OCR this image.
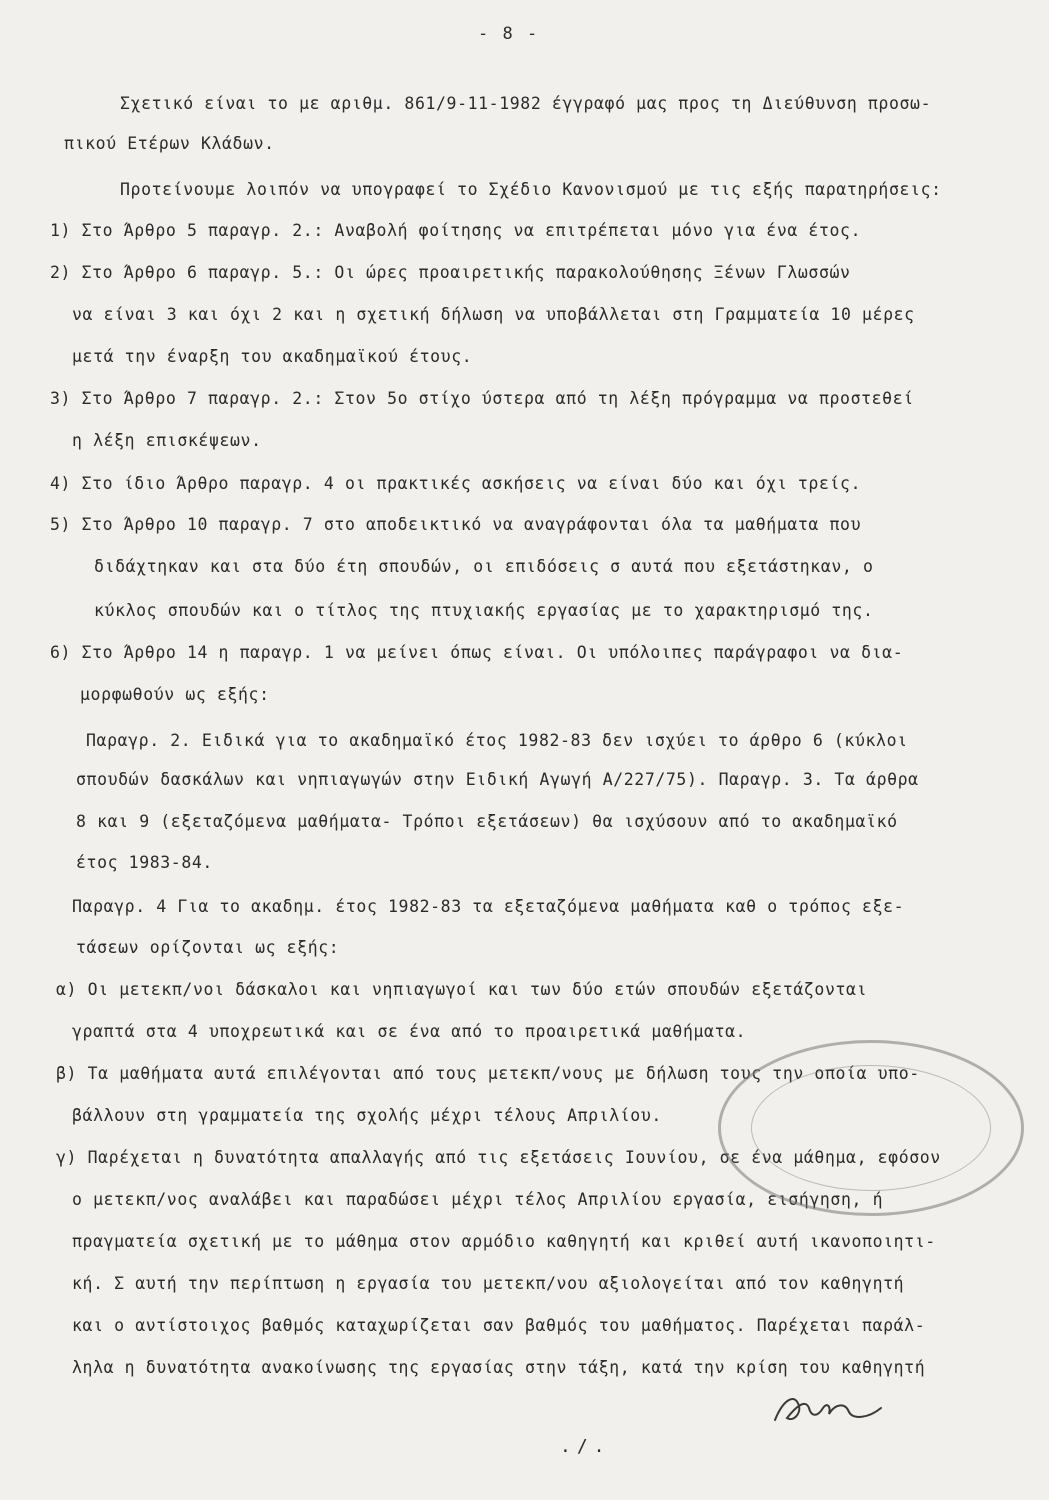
- 8 -
Σχετικό είναι το με αριθμ. 861/9-11-1982 έγγραφό μας προς τη Διεύθυνση προσω-
πικού Ετέρων Κλάδων.
Προτείνουμε λοιπόν να υπογραφεί το Σχέδιο Κανονισμού με τις εξής παρατηρήσεις:
1) Στο Άρθρο 5 παραγρ. 2.: Αναβολή φοίτησης να επιτρέπεται μόνο για ένα έτος.
2) Στο Άρθρο 6 παραγρ. 5.: Οι ώρες προαιρετικής παρακολούθησης Ξένων Γλωσσών
να είναι 3 και όχι 2 και η σχετική δήλωση να υποβάλλεται στη Γραμματεία 10 μέρες
μετά την έναρξη του ακαδημαϊκού έτους.
3) Στο Άρθρο 7 παραγρ. 2.: Στον 5ο στίχο ύστερα από τη λέξη πρόγραμμα να προστεθεί
η λέξη επισκέψεων.
4) Στο ίδιο Άρθρο παραγρ. 4 οι πρακτικές ασκήσεις να είναι δύο και όχι τρείς.
5) Στο Άρθρο 10 παραγρ. 7 στο αποδεικτικό να αναγράφονται όλα τα μαθήματα που
διδάχτηκαν και στα δύο έτη σπουδών, οι επιδόσεις σ αυτά που εξετάστηκαν, ο
κύκλος σπουδών και ο τίτλος της πτυχιακής εργασίας με το χαρακτηρισμό της.
6) Στο Άρθρο 14 η παραγρ. 1 να μείνει όπως είναι. Οι υπόλοιπες παράγραφοι να δια-
μορφωθούν ως εξής:
Παραγρ. 2. Ειδικά για το ακαδημαϊκό έτος 1982-83 δεν ισχύει το άρθρο 6 (κύκλοι
σπουδών δασκάλων και νηπιαγωγών στην Ειδική Αγωγή Α/227/75). Παραγρ. 3. Τα άρθρα
8 και 9 (εξεταζόμενα μαθήματα- Τρόποι εξετάσεων) θα ισχύσουν από το ακαδημαϊκό
έτος 1983-84.
Παραγρ. 4 Για το ακαδημ. έτος 1982-83 τα εξεταζόμενα μαθήματα καθ ο τρόπος εξε-
τάσεων ορίζονται ως εξής:
α) Οι μετεκπ/νοι δάσκαλοι και νηπιαγωγοί και των δύο ετών σπουδών εξετάζονται
γραπτά στα 4 υποχρεωτικά και σε ένα από το προαιρετικά μαθήματα.
β) Τα μαθήματα αυτά επιλέγονται από τους μετεκπ/νους με δήλωση τους την οποία υπο-
βάλλουν στη γραμματεία της σχολής μέχρι τέλους Απριλίου.
γ) Παρέχεται η δυνατότητα απαλλαγής από τις εξετάσεις Ιουνίου, σε ένα μάθημα, εφόσον
ο μετεκπ/νος αναλάβει και παραδώσει μέχρι τέλος Απριλίου εργασία, εισήγηση, ή
πραγματεία σχετική με το μάθημα στον αρμόδιο καθηγητή και κριθεί αυτή ικανοποιητι-
κή. Σ αυτή την περίπτωση η εργασία του μετεκπ/νου αξιολογείται από τον καθηγητή
και ο αντίστοιχος βαθμός καταχωρίζεται σαν βαθμός του μαθήματος. Παρέχεται παράλ-
ληλα η δυνατότητα ανακοίνωσης της εργασίας στην τάξη, κατά την κρίση του καθηγητή
./.
